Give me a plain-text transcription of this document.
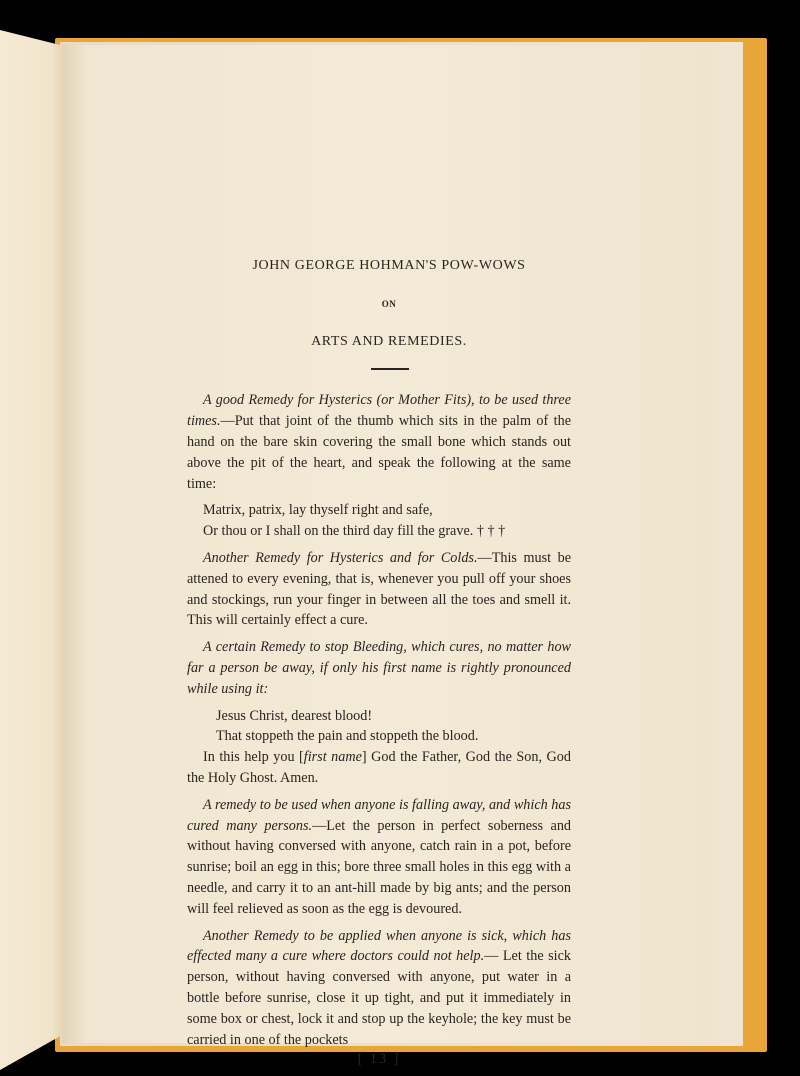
JOHN GEORGE HOHMAN'S POW-WOWS
ON
ARTS AND REMEDIES.

A good Remedy for Hysterics (or Mother Fits), to be used three times.—Put that joint of the thumb which sits in the palm of the hand on the bare skin covering the small bone which stands out above the pit of the heart, and speak the following at the same time:

Matrix, patrix, lay thyself right and safe,
Or thou or I shall on the third day fill the grave. † † †

Another Remedy for Hysterics and for Colds.—This must be attened to every evening, that is, whenever you pull off your shoes and stockings, run your finger in between all the toes and smell it. This will certainly effect a cure.

A certain Remedy to stop Bleeding, which cures, no matter how far a person be away, if only his first name is rightly pronounced while using it:

Jesus Christ, dearest blood!
That stoppeth the pain and stoppeth the blood.

In this help you [first name] God the Father, God the Son, God the Holy Ghost. Amen.

A remedy to be used when anyone is falling away, and which has cured many persons.—Let the person in perfect soberness and without having conversed with anyone, catch rain in a pot, before sunrise; boil an egg in this; bore three small holes in this egg with a needle, and carry it to an ant-hill made by big ants; and the person will feel relieved as soon as the egg is devoured.

Another Remedy to be applied when anyone is sick, which has effected many a cure where doctors could not help.— Let the sick person, without having conversed with anyone, put water in a bottle before sunrise, close it up tight, and put it immediately in some box or chest, lock it and stop up the keyhole; the key must be carried in one of the pockets

[ 13 ]
